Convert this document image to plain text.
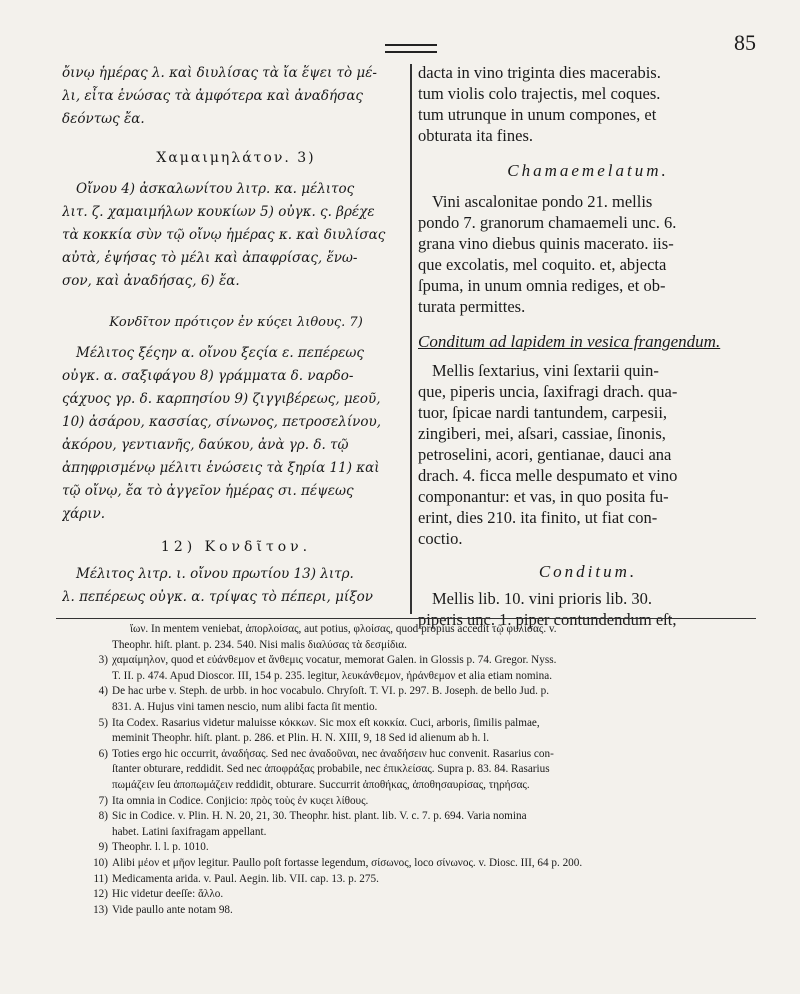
85
ὄινῳ ἡμέρας λ. καὶ διυλίσας τὰ ἴα ἕψει τὸ μέ-
λι, εἶτα ἑνώσας τὰ ἀμφότερα καὶ ἀναδήσας
δεόντως ἔα.
Χαμαιμηλάτον. 3)
Οἴνου 4) ἀσκαλωνίτου λιτρ. κα. μέλιτος
λιτ. ζ. χαμαιμήλων κουκίων 5) οὐγκ. ς. βρέχε
τὰ κοκκία σὺν τῷ οἴνῳ ἡμέρας κ. καὶ διυλίσας
αὐτὰ, ἑψήσας τὸ μέλι καὶ ἀπαφρίσας, ἕνω-
σον, καὶ ἀναδήσας, 6) ἔα.
Κονδῖτον πρότιςον ἐν κύςει λιθους. 7)
Μέλιτος ξέςην α. οἴνου ξεςία ε. πεπέρεως
οὐγκ. α. σαξιφάγου 8) γράμματα δ. ναρδο-
ςάχυος γρ. δ. καρπησίου 9) ζιγγιβέρεως, μεοῦ,
10) ἀσάρου, κασσίας, σίνωνος, πετροσελίνου,
ἀκόρου, γεντιανῆς, δαύκου, ἀνὰ γρ. δ. τῷ
ἀπηφρισμένῳ μέλιτι ἑνώσεις τὰ ξηρία 11) καὶ
τῷ οἴνῳ, ἔα τὸ ἀγγεῖον ἡμέρας σι. πέψεως
χάριν.
12) Κονδῖτον.
Μέλιτος λιτρ. ι. οἴνου πρωτίου 13) λιτρ.
λ. πεπέρεως οὐγκ. α. τρίψας τὸ πέπερι, μίξον
dacta in vino triginta dies macerabis.
tum violis colo trajectis, mel coques.
tum utrunque in unum compones, et
obturata ita fines.
Chamaemelatum.
Vini ascalonitae pondo 21. mellis
pondo 7. granorum chamaemeli unc. 6.
grana vino diebus quinis macerato. iis-
que excolatis, mel coquito. et, abjecta
ſpuma, in unum omnia rediges, et ob-
turata permittes.
Conditum ad lapidem in vesica frangendum.
Mellis ſextarius, vini ſextarii quin-
que, piperis uncia, ſaxifragi drach. qua-
tuor, ſpicae nardi tantundem, carpesii,
zingiberi, mei, aſsari, cassiae, ſinonis,
petroselini, acori, gentianae, dauci ana
drach. 4. ficca melle despumato et vino
componantur: et vas, in quo posita fu-
erint, dies 210. ita finito, ut fiat con-
coctio.
Conditum.
Mellis lib. 10. vini prioris lib. 30.
piperis unc. 1. piper contundendum eſt,
ἴων. In mentem veniebat, ἀπορλοίσας, aut potius, φλοίσας, quod propius accedit τῷ φυλίσας. v.
Theophr. hiſt. plant. p. 234. 540. Nisi malis διαλύσας τὰ δεσμίδια.
3) χαμαίμηλον, quod et εὐάνθεμον et ἄνθεμις vocatur, memorat Galen. in Glossis p. 74. Gregor. Nyss.
T. II. p. 474. Apud Dioscor. III, 154 p. 235. legitur, λευκάνθεμον, ἠράνθεμον et alia etiam nomina.
4) De hac urbe v. Steph. de urbb. in hoc vocabulo. Chryſoſt. T. VI. p. 297. B. Joseph. de bello Jud. p.
831. A. Hujus vini tamen nescio, num alibi facta ſit mentio.
5) Ita Codex. Rasarius videtur maluisse κόκκων. Sic mox eſt κοκκία. Cuci, arboris, ſimilis palmae,
meminit Theophr. hiſt. plant. p. 286. et Plin. H. N. XIII, 9, 18 Sed id alienum ab h. l.
6) Toties ergo hic occurrit, ἀναδήσας. Sed nec ἀναδοῦναι, nec ἀναδήσειν huc convenit. Rasarius con-
ſtanter obturare, reddidit. Sed nec ἀποφράξας probabile, nec ἐπικλείσας. Supra p. 83. 84. Rasarius
πωμάζειν ſeu ἀποπωμάζειν reddidit, obturare. Succurrit ἀποθήκας, ἀποθησαυρίσας, τηρήσας.
7) Ita omnia in Codice. Conjicio: πρὸς τοὺς ἐν κυςει λίθους.
8) Sic in Codice. v. Plin. H. N. 20, 21, 30. Theophr. hist. plant. lib. V. c. 7. p. 694. Varia nomina
habet. Latini ſaxifragam appellant.
9) Theophr. l. l. p. 1010.
10) Alibi μέον et μῆον legitur. Paullo poſt fortasse legendum, σίσωνος, loco σίνωνος. v. Diosc. III, 64 p. 200.
11) Medicamenta arida. v. Paul. Aegin. lib. VII. cap. 13. p. 275.
12) Hic videtur deeſſe: ἄλλο.
13) Vide paullo ante notam 98.
